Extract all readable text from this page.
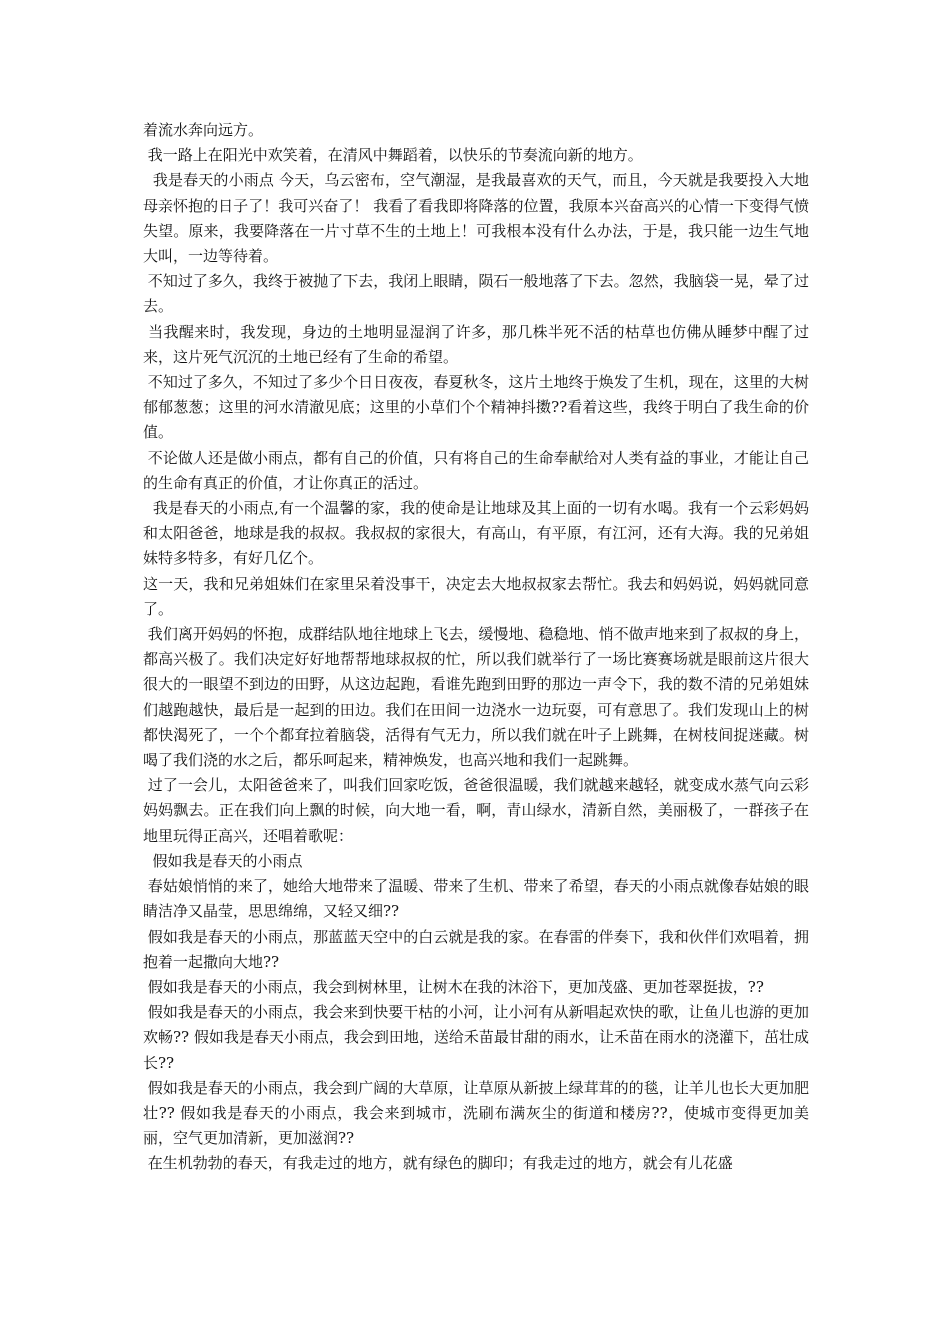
着流水奔向远方。

我一路上在阳光中欢笑着，在清风中舞蹈着，以快乐的节奏流向新的地方。

我是春天的小雨点 今天，乌云密布，空气潮湿，是我最喜欢的天气，而且，今天就是我要投入大地母亲怀抱的日子了！我可兴奋了！ 我看了看我即将降落的位置，我原本兴奋高兴的心情一下变得气愤失望。原来，我要降落在一片寸草不生的土地上！可我根本没有什么办法，于是，我只能一边生气地大叫，一边等待着。

不知过了多久，我终于被抛了下去，我闭上眼睛，陨石一般地落了下去。忽然，我脑袋一晃，晕了过去。

当我醒来时，我发现，身边的土地明显湿润了许多，那几株半死不活的枯草也仿佛从睡梦中醒了过来，这片死气沉沉的土地已经有了生命的希望。

不知过了多久，不知过了多少个日日夜夜，春夏秋冬，这片土地终于焕发了生机，现在，这里的大树郁郁葱葱；这里的河水清澈见底；这里的小草们个个精神抖擞??看着这些，我终于明白了我生命的价值。

不论做人还是做小雨点，都有自己的价值，只有将自己的生命奉献给对人类有益的事业，才能让自己的生命有真正的价值，才让你真正的活过。

我是春天的小雨点,有一个温馨的家，我的使命是让地球及其上面的一切有水喝。我有一个云彩妈妈和太阳爸爸，地球是我的叔叔。我叔叔的家很大，有高山，有平原，有江河，还有大海。我的兄弟姐妹特多特多，有好几亿个。

这一天，我和兄弟姐妹们在家里呆着没事干，决定去大地叔叔家去帮忙。我去和妈妈说，妈妈就同意了。

我们离开妈妈的怀抱，成群结队地往地球上飞去，缓慢地、稳稳地、悄不做声地来到了叔叔的身上，都高兴极了。我们决定好好地帮帮地球叔叔的忙，所以我们就举行了一场比赛赛场就是眼前这片很大很大的一眼望不到边的田野，从这边起跑，看谁先跑到田野的那边一声令下，我的数不清的兄弟姐妹们越跑越快，最后是一起到的田边。我们在田间一边浇水一边玩耍，可有意思了。我们发现山上的树都快渴死了，一个个都耷拉着脑袋，活得有气无力，所以我们就在叶子上跳舞，在树枝间捉迷藏。树喝了我们浇的水之后，都乐呵起来，精神焕发，也高兴地和我们一起跳舞。

过了一会儿，太阳爸爸来了，叫我们回家吃饭，爸爸很温暖，我们就越来越轻，就变成水蒸气向云彩妈妈飘去。正在我们向上飘的时候，向大地一看，啊，青山绿水，清新自然，美丽极了，一群孩子在地里玩得正高兴，还唱着歌呢：

假如我是春天的小雨点

春姑娘悄悄的来了，她给大地带来了温暖、带来了生机、带来了希望，春天的小雨点就像春姑娘的眼睛洁净又晶莹，思思绵绵，又轻又细??

假如我是春天的小雨点，那蓝蓝天空中的白云就是我的家。在春雷的伴奏下，我和伙伴们欢唱着，拥抱着一起撒向大地??

假如我是春天的小雨点，我会到树林里，让树木在我的沐浴下，更加茂盛、更加苍翠挺拔，??

假如我是春天的小雨点，我会来到快要干枯的小河，让小河有从新唱起欢快的歌，让鱼儿也游的更加欢畅?? 假如我是春天小雨点，我会到田地，送给禾苗最甘甜的雨水，让禾苗在雨水的浇灌下，茁壮成长??

假如我是春天的小雨点，我会到广阔的大草原，让草原从新披上绿茸茸的的毯，让羊儿也长大更加肥壮?? 假如我是春天的小雨点，我会来到城市，洗刷布满灰尘的街道和楼房??，使城市变得更加美丽，空气更加清新，更加滋润??

在生机勃勃的春天，有我走过的地方，就有绿色的脚印；有我走过的地方，就会有儿花盛
